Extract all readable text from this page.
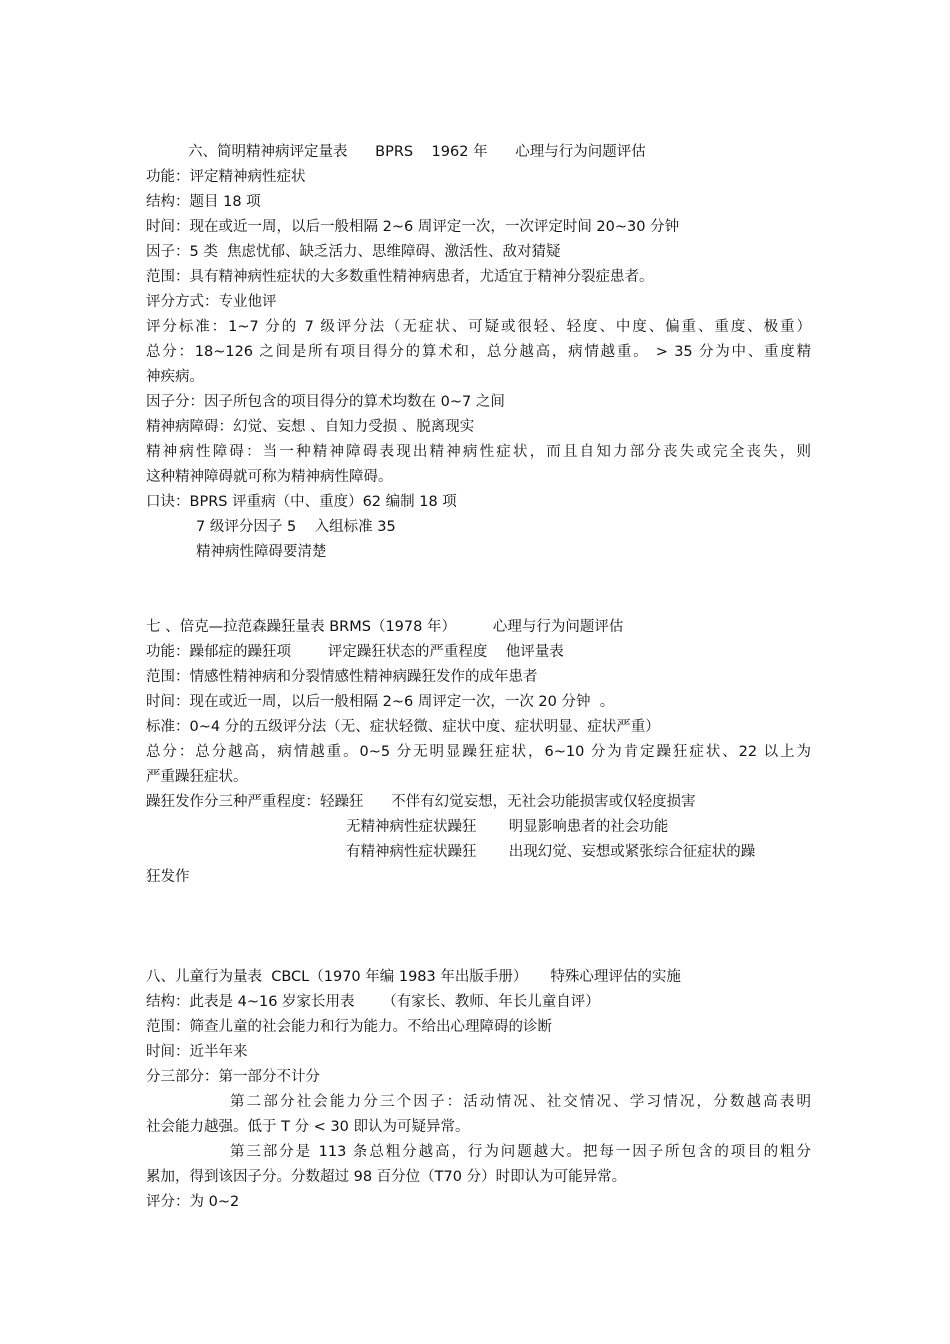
六、简明精神病评定量表      BPRS    1962 年      心理与行为问题评估
功能：评定精神病性症状
结构：题目 18 项
时间：现在或近一周，以后一般相隔 2~6 周评定一次，一次评定时间 20~30 分钟
因子：5 类  焦虑忧郁、缺乏活力、思维障碍、激活性、敌对猜疑
范围：具有精神病性症状的大多数重性精神病患者，尤适宜于精神分裂症患者。
评分方式：专业他评
评分标准：1~7 分的 7 级评分法（无症状、可疑或很轻、轻度、中度、偏重、重度、极重）
总分：18~126 之间是所有项目得分的算术和，总分越高，病情越重。 > 35 分为中、重度精
神疾病。
因子分：因子所包含的项目得分的算术均数在 0~7 之间
精神病障碍：幻觉、妄想 、自知力受损 、脱离现实
精神病性障碍：当一种精神障碍表现出精神病性症状，而且自知力部分丧失或完全丧失，则
这种精神障碍就可称为精神病性障碍。
口诀：BPRS 评重病（中、重度）62 编制 18 项
7 级评分因子 5    入组标准 35
精神病性障碍要清楚
七 、倍克—拉范森躁狂量表 BRMS（1978 年）        心理与行为问题评估
功能：躁郁症的躁狂项        评定躁狂状态的严重程度    他评量表
范围：情感性精神病和分裂情感性精神病躁狂发作的成年患者
时间：现在或近一周，以后一般相隔 2~6 周评定一次，一次 20 分钟  。
标准：0~4 分的五级评分法（无、症状轻微、症状中度、症状明显、症状严重）
总分：总分越高，病情越重。0~5 分无明显躁狂症状，6~10 分为肯定躁狂症状、22 以上为
严重躁狂症状。
躁狂发作分三种严重程度：轻躁狂      不伴有幻觉妄想，无社会功能损害或仅轻度损害
无精神病性症状躁狂       明显影响患者的社会功能
有精神病性症状躁狂       出现幻觉、妄想或紧张综合征症状的躁
狂发作
八、儿童行为量表  CBCL（1970 年编 1983 年出版手册）     特殊心理评估的实施
结构：此表是 4~16 岁家长用表      （有家长、教师、年长儿童自评）
范围：筛查儿童的社会能力和行为能力。不给出心理障碍的诊断
时间：近半年来
分三部分：第一部分不计分
第二部分社会能力分三个因子：活动情况、社交情况、学习情况，分数越高表明
社会能力越强。低于 T 分 < 30 即认为可疑异常。
第三部分是 113 条总粗分越高，行为问题越大。把每一因子所包含的项目的粗分
累加，得到该因子分。分数超过 98 百分位（T70 分）时即认为可能异常。
评分：为 0~2
